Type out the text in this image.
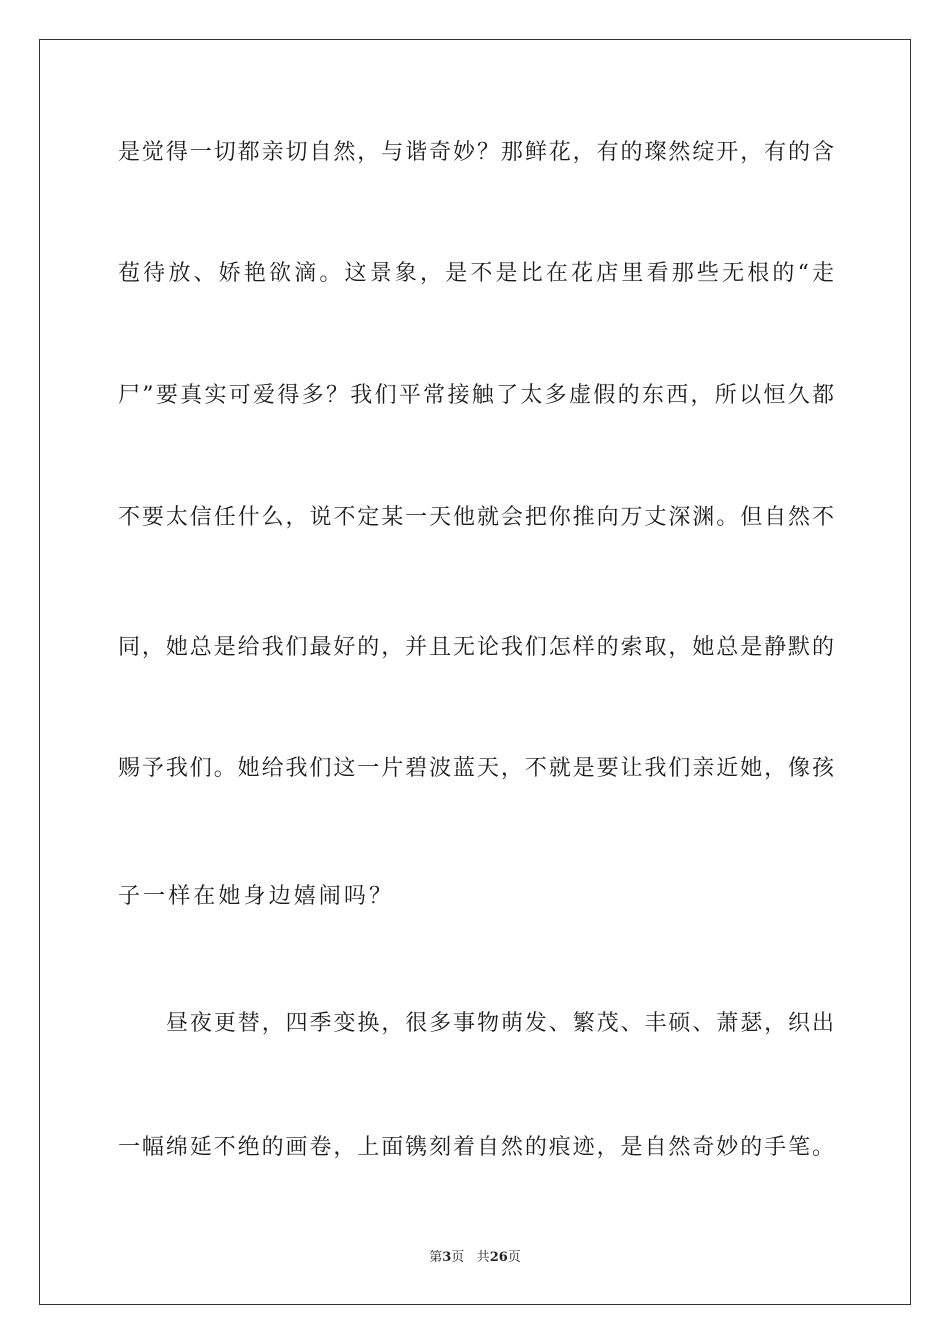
是觉得一切都亲切自然，与谐奇妙？那鲜花，有的璨然绽开，有的含
苞待放、娇艳欲滴。这景象，是不是比在花店里看那些无根的“走
尸”要真实可爱得多？我们平常接触了太多虚假的东西，所以恒久都
不要太信任什么，说不定某一天他就会把你推向万丈深渊。但自然不
同，她总是给我们最好的，并且无论我们怎样的索取，她总是静默的
赐予我们。她给我们这一片碧波蓝天，不就是要让我们亲近她，像孩
子一样在她身边嬉闹吗？
昼夜更替，四季变换，很多事物萌发、繁茂、丰硕、萧瑟，织出
一幅绵延不绝的画卷，上面镌刻着自然的痕迹，是自然奇妙的手笔。
第3页 共26页
